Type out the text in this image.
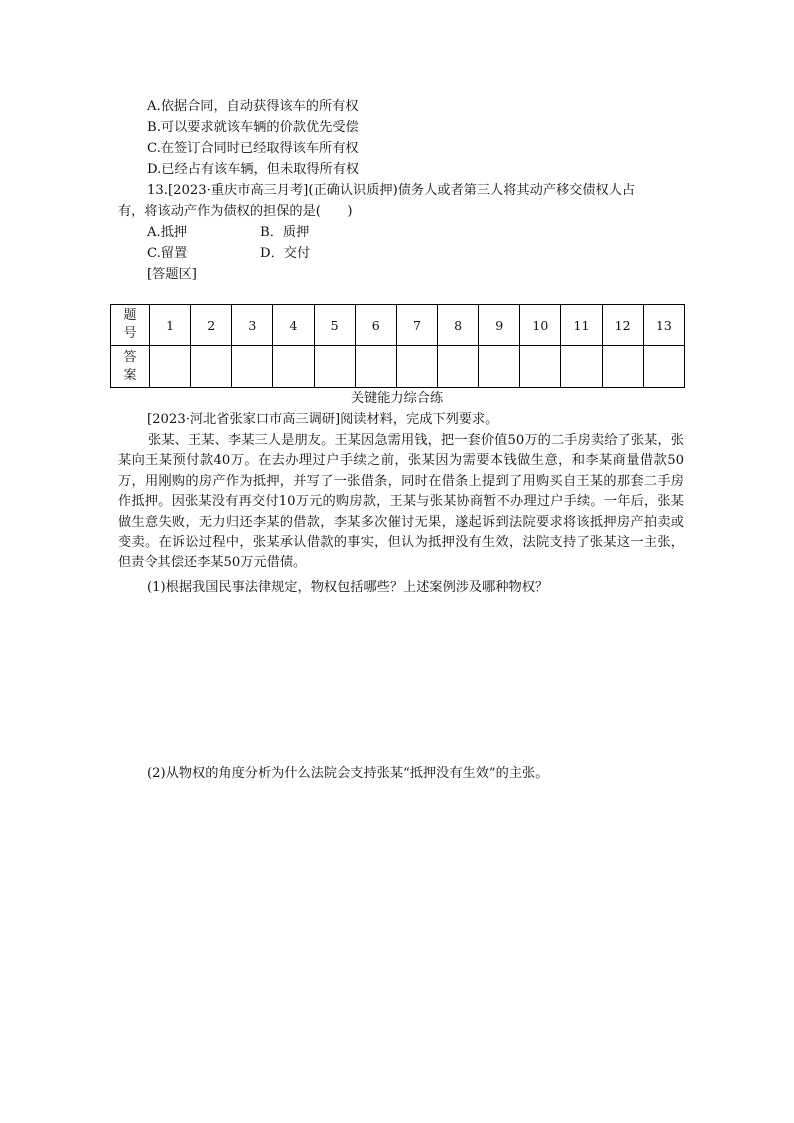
A.依据合同，自动获得该车的所有权
B.可以要求就该车辆的价款优先受偿
C.在签订合同时已经取得该车所有权
D.已经占有该车辆，但未取得所有权
13.[2023·重庆市高三月考](正确认识质押)债务人或者第三人将其动产移交债权人占
有，将该动产作为债权的担保的是(　　)
A.抵押	B．质押
C.留置	D．交付
[答题区]
题
号	1	2	3	4	5	6	7	8	9	10	11	12	13

答
案													

关键能力综合练
[2023·河北省张家口市高三调研]阅读材料，完成下列要求。
张某、王某、李某三人是朋友。王某因急需用钱，把一套价值50万的二手房卖给了张某，张某向王某预付款40万。在去办理过户手续之前，张某因为需要本钱做生意，和李某商量借款50万，用刚购的房产作为抵押，并写了一张借条，同时在借条上提到了用购买自王某的那套二手房作抵押。因张某没有再交付10万元的购房款，王某与张某协商暂不办理过户手续。一年后，张某做生意失败，无力归还李某的借款，李某多次催讨无果，遂起诉到法院要求将该抵押房产拍卖或变卖。在诉讼过程中，张某承认借款的事实，但认为抵押没有生效，法院支持了张某这一主张，但责令其偿还李某50万元借债。
(1)根据我国民事法律规定，物权包括哪些？上述案例涉及哪种物权？
(2)从物权的角度分析为什么法院会支持张某“抵押没有生效”的主张。
